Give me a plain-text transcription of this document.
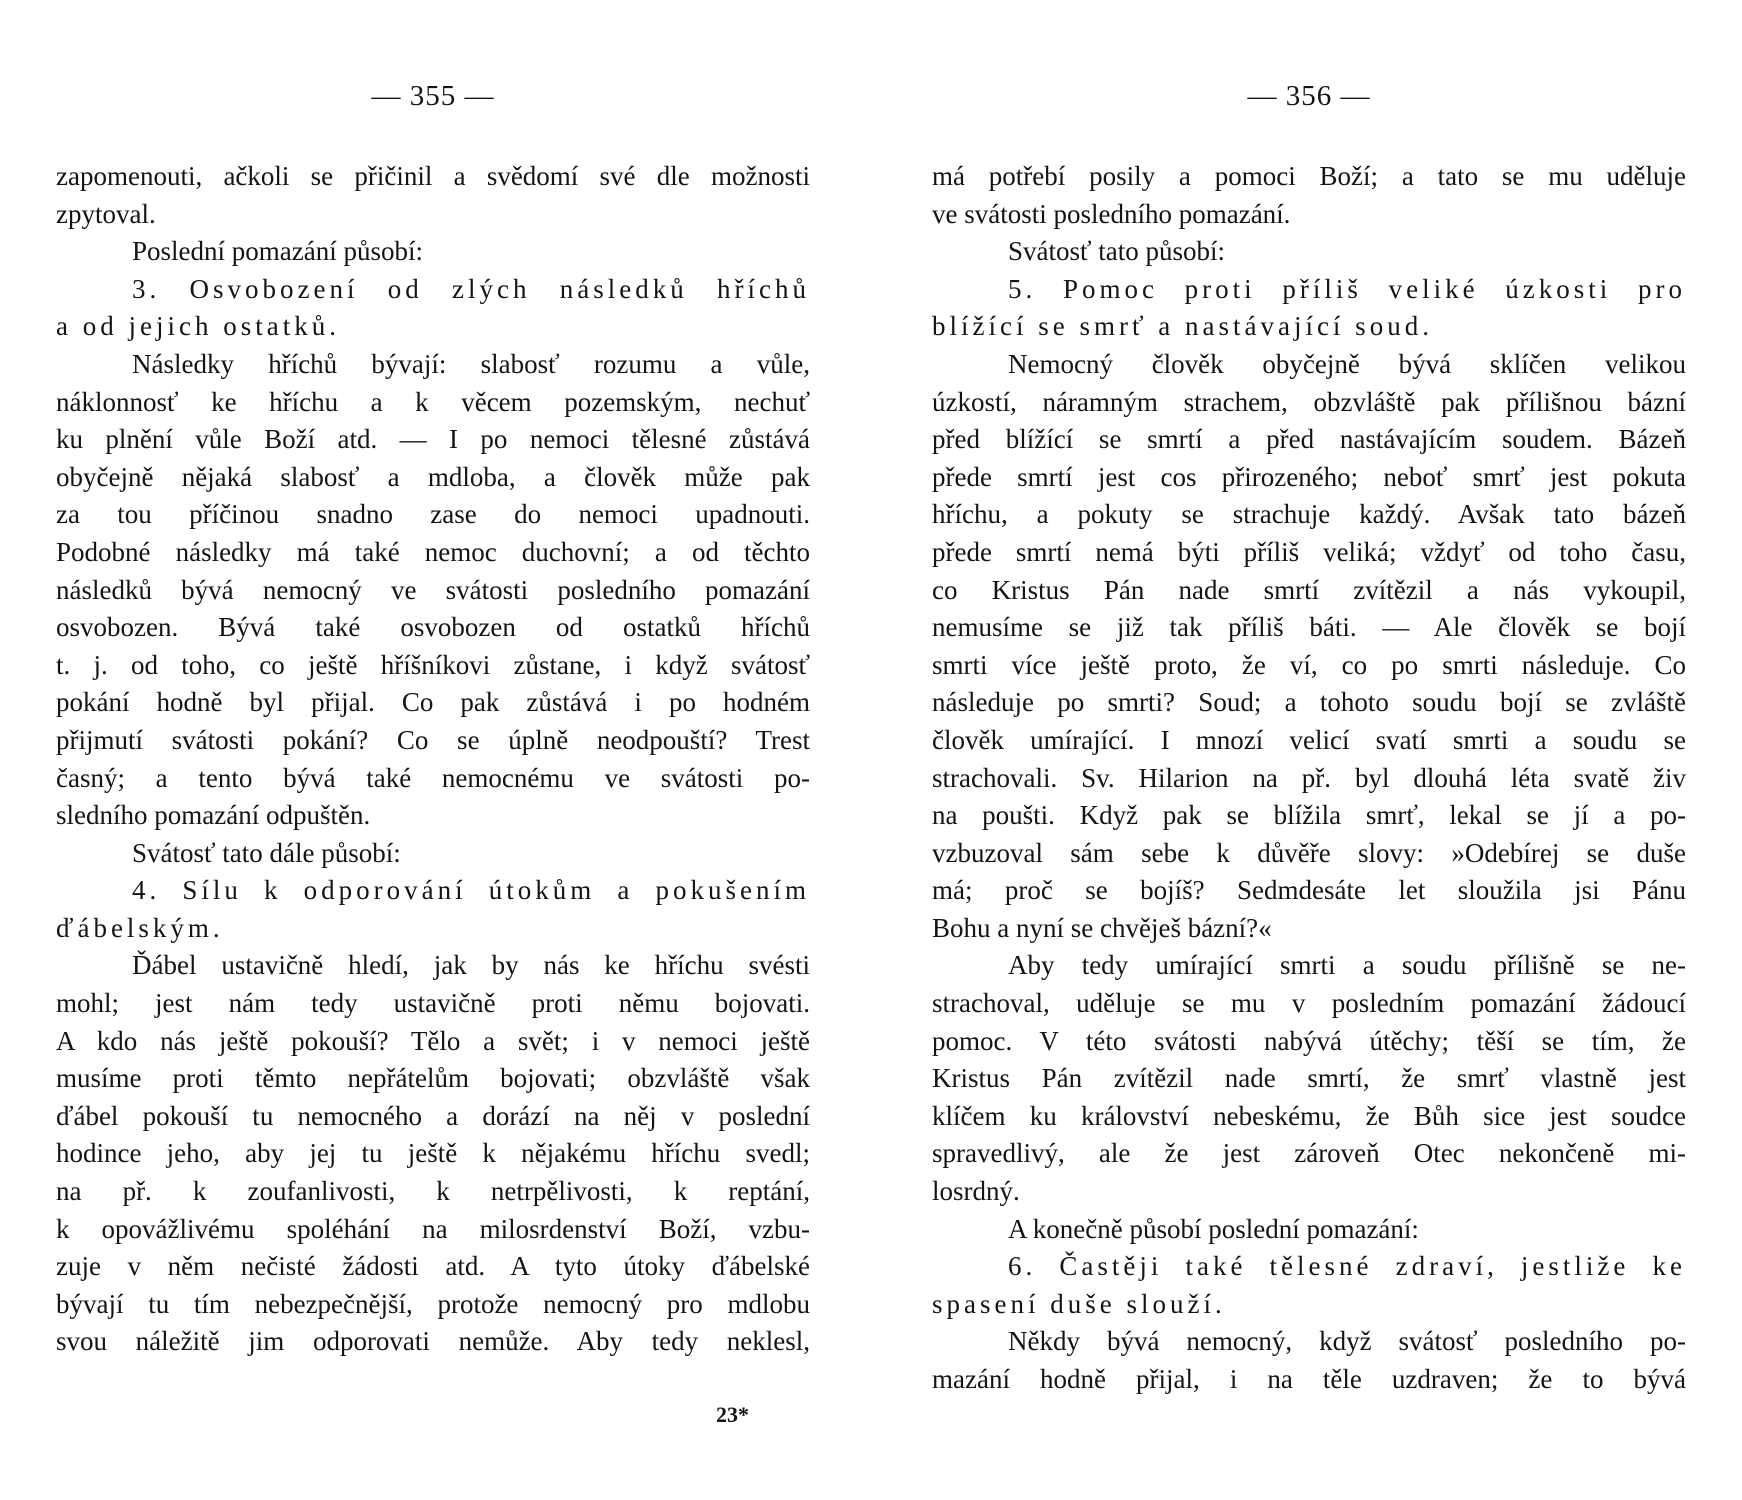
— 355 —
zapomenouti, ačkoli se přičinil a svědomí své dle možnosti
zpytoval.
Poslední pomazání působí:
3. Osvobození od zlých následků hříchů
a od jejich ostatků.
Následky hříchů bývají: slabosť rozumu a vůle,
náklonnosť ke hříchu a k věcem pozemským, nechuť
ku plnění vůle Boží atd. — I po nemoci tělesné zůstává
obyčejně nějaká slabosť a mdloba, a člověk může pak
za tou příčinou snadno zase do nemoci upadnouti.
Podobné následky má také nemoc duchovní; a od těchto
následků bývá nemocný ve svátosti posledního pomazání
osvobozen. Bývá také osvobozen od ostatků hříchů
t. j. od toho, co ještě hříšníkovi zůstane, i když svátosť
pokání hodně byl přijal. Co pak zůstává i po hodném
přijmutí svátosti pokání? Co se úplně neodpouští? Trest
časný; a tento bývá také nemocnému ve svátosti po-
sledního pomazání odpuštěn.
Svátosť tato dále působí:
4. Sílu k odporování útokům a pokušením
ďábelským.
Ďábel ustavičně hledí, jak by nás ke hříchu svésti
mohl; jest nám tedy ustavičně proti němu bojovati.
A kdo nás ještě pokouší? Tělo a svět; i v nemoci ještě
musíme proti těmto nepřátelům bojovati; obzvláště však
ďábel pokouší tu nemocného a dorází na něj v poslední
hodince jeho, aby jej tu ještě k nějakému hříchu svedl;
na př. k zoufanlivosti, k netrpělivosti, k reptání,
k opovážlivému spoléhání na milosrdenství Boží, vzbu-
zuje v něm nečisté žádosti atd. A tyto útoky ďábelské
bývají tu tím nebezpečnější, protože nemocný pro mdlobu
svou náležitě jim odporovati nemůže. Aby tedy neklesl,
23*
— 356 —
má potřebí posily a pomoci Boží; a tato se mu uděluje
ve svátosti posledního pomazání.
Svátosť tato působí:
5. Pomoc proti příliš veliké úzkosti pro
blížící se smrť a nastávající soud.
Nemocný člověk obyčejně bývá sklíčen velikou
úzkostí, náramným strachem, obzvláště pak přílišnou bázní
před blížící se smrtí a před nastávajícím soudem. Bázeň
přede smrtí jest cos přirozeného; neboť smrť jest pokuta
hříchu, a pokuty se strachuje každý. Avšak tato bázeň
přede smrtí nemá býti příliš veliká; vždyť od toho času,
co Kristus Pán nade smrtí zvítězil a nás vykoupil,
nemusíme se již tak příliš báti. — Ale člověk se bojí
smrti více ještě proto, že ví, co po smrti následuje. Co
následuje po smrti? Soud; a tohoto soudu bojí se zvláště
člověk umírající. I mnozí velicí svatí smrti a soudu se
strachovali. Sv. Hilarion na př. byl dlouhá léta svatě živ
na poušti. Když pak se blížila smrť, lekal se jí a po-
vzbuzoval sám sebe k důvěře slovy: »Odebírej se duše
má; proč se bojíš? Sedmdesáte let sloužila jsi Pánu
Bohu a nyní se chvěješ bázní?«
Aby tedy umírající smrti a soudu přílišně se ne-
strachoval, uděluje se mu v posledním pomazání žádoucí
pomoc. V této svátosti nabývá útěchy; těší se tím, že
Kristus Pán zvítězil nade smrtí, že smrť vlastně jest
klíčem ku království nebeskému, že Bůh sice jest soudce
spravedlivý, ale že jest zároveň Otec nekončeně mi-
losrdný.
A konečně působí poslední pomazání:
6. Častěji také tělesné zdraví, jestliže ke
spasení duše slouží.
Někdy bývá nemocný, když svátosť posledního po-
mazání hodně přijal, i na těle uzdraven; že to bývá
